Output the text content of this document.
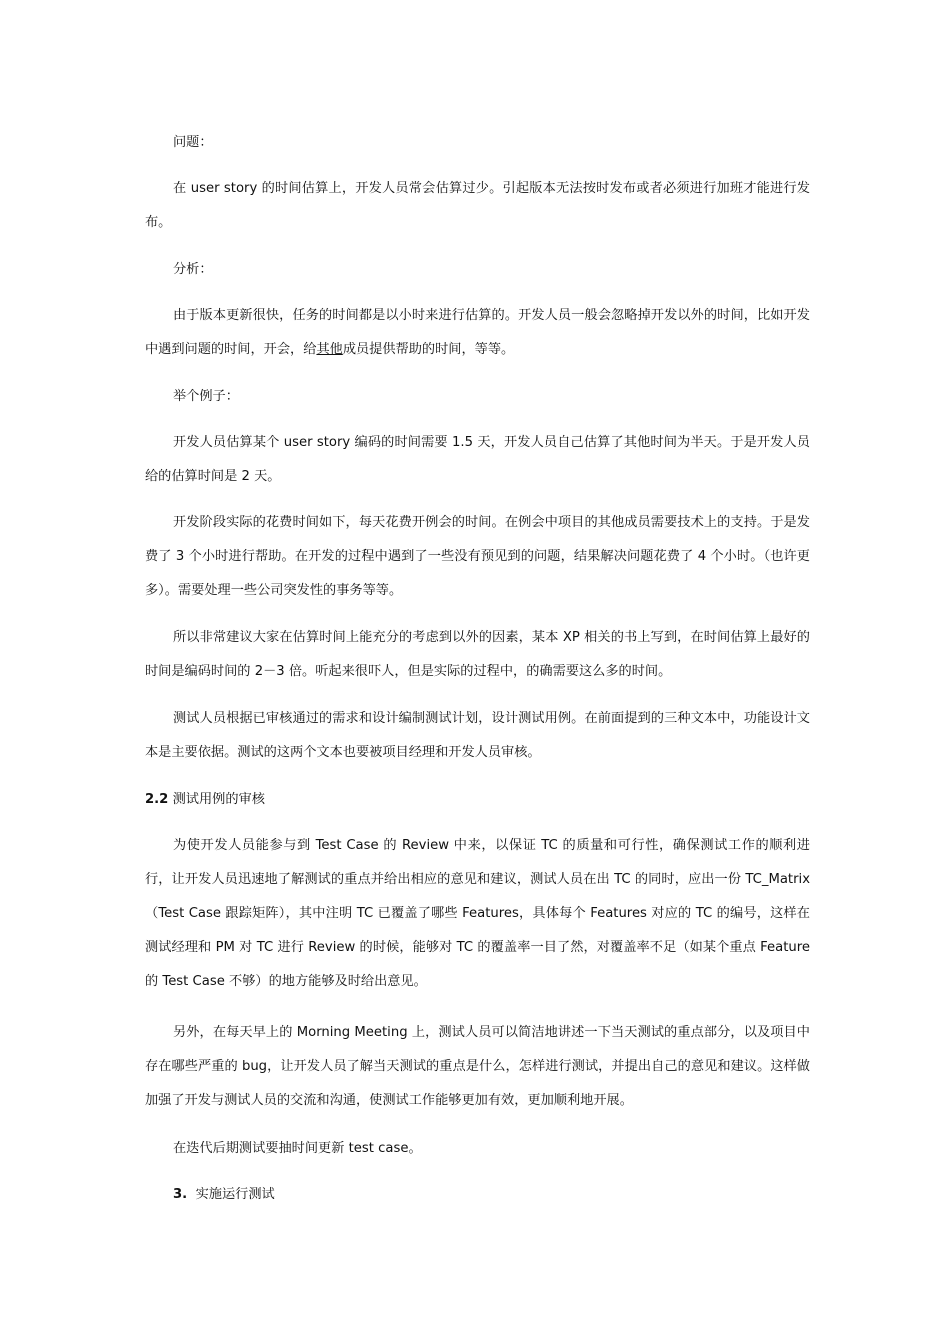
问题：

在 user story 的时间估算上，开发人员常会估算过少。引起版本无法按时发布或者必须进行加班才能进行发布。

分析：

由于版本更新很快，任务的时间都是以小时来进行估算的。开发人员一般会忽略掉开发以外的时间，比如开发中遇到问题的时间，开会，给其他成员提供帮助的时间，等等。

举个例子：

开发人员估算某个 user story 编码的时间需要 1.5 天，开发人员自己估算了其他时间为半天。于是开发人员给的估算时间是 2 天。

开发阶段实际的花费时间如下，每天花费开例会的时间。在例会中项目的其他成员需要技术上的支持。于是发费了 3 个小时进行帮助。在开发的过程中遇到了一些没有预见到的问题，结果解决问题花费了 4 个小时。（也许更多）。需要处理一些公司突发性的事务等等。

所以非常建议大家在估算时间上能充分的考虑到以外的因素，某本 XP 相关的书上写到，在时间估算上最好的时间是编码时间的 2－3 倍。听起来很吓人，但是实际的过程中，的确需要这么多的时间。

测试人员根据已审核通过的需求和设计编制测试计划，设计测试用例。在前面提到的三种文本中，功能设计文本是主要依据。测试的这两个文本也要被项目经理和开发人员审核。

2.2 测试用例的审核

为使开发人员能参与到 Test Case 的 Review 中来，以保证 TC 的质量和可行性，确保测试工作的顺利进行，让开发人员迅速地了解测试的重点并给出相应的意见和建议，测试人员在出 TC 的同时，应出一份 TC_Matrix（Test Case 跟踪矩阵），其中注明 TC 已覆盖了哪些 Features，具体每个 Features 对应的 TC 的编号，这样在测试经理和 PM 对 TC 进行 Review 的时候，能够对 TC 的覆盖率一目了然，对覆盖率不足（如某个重点 Feature 的 Test Case 不够）的地方能够及时给出意见。

另外，在每天早上的 Morning Meeting 上，测试人员可以简洁地讲述一下当天测试的重点部分，以及项目中存在哪些严重的 bug，让开发人员了解当天测试的重点是什么，怎样进行测试，并提出自己的意见和建议。这样做加强了开发与测试人员的交流和沟通，使测试工作能够更加有效，更加顺利地开展。

在迭代后期测试要抽时间更新 test case。

3. 实施运行测试
